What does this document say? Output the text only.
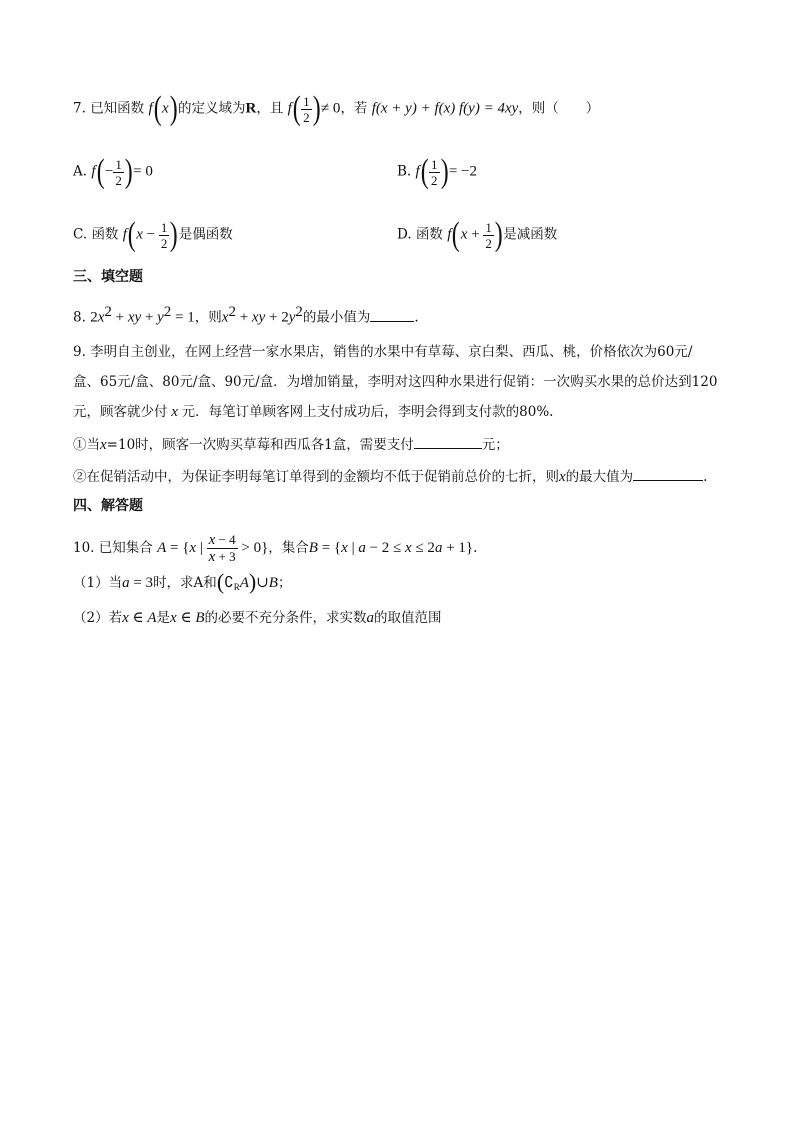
7. 已知函数 f(x)的定义域为R，且 $f( \frac{1}{2}$ )≠ 0，若 f(x + y) + f(x) f(y) = 4xy，则（　　）
A. $f(- \frac{1}{2}$ )= 0	B. $f( \frac{1}{2}$ )= −2
C. 函数 $f(x - \frac{1}{2}$ )是偶函数	D. 函数 $f(x + \frac{1}{2}$ )是减函数
三、填空题
8. $2x^2$ + xy + $y^2 = 1$，则$x^2$ + xy + $2y^2$的最小值为	.
9. 李明自主创业，在网上经营一家水果店，销售的水果中有草莓、京白梨、西瓜、桃，价格依次为60元/
盒、65元/盒、80元/盒、90元/盒．为增加销量，李明对这四种水果进行促销：一次购买水果的总价达到120
元，顾客就少付 x 元．每笔订单顾客网上支付成功后，李明会得到支付款的80%.
①当x=10时，顾客一次购买草莓和西瓜各1盒，需要支付	元；
②在促销活动中，为保证李明每笔订单得到的金额均不低于促销前总价的七折，则x的最大值为	.
四、解答题
10. 已知集合 A = {x | $\frac{x - 4}{x + 3} > 0$}，集合B = {x | a − 2 ≤ x ≤ 2a + 1}.
（1）当a = 3时，求A和$(∁_RA)\cup B$；
（2）若x ∈ A是x ∈ B的必要不充分条件，求实数a的取值范围
